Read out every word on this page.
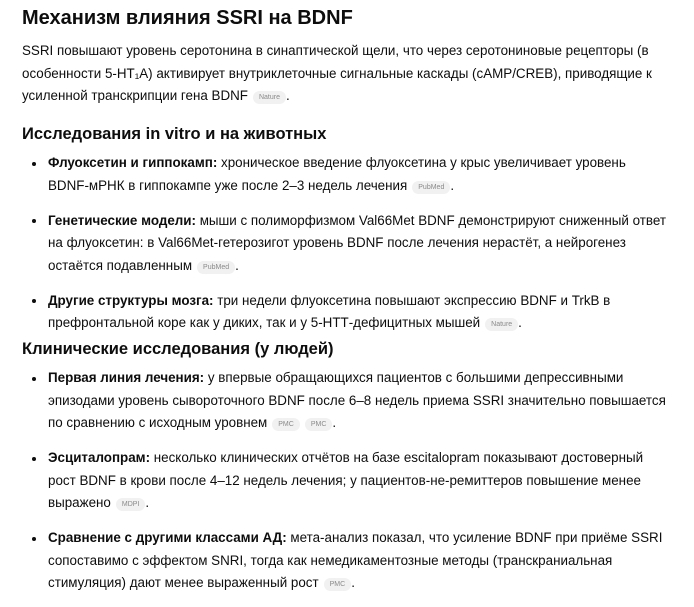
Механизм влияния SSRI на BDNF

SSRI повышают уровень серотонина в синаптической щели, что через серотониновые рецепторы (в особенности 5‑HT₁A) активирует внутриклеточные сигнальные каскады (cAMP/CREB), приводящие к усиленной транскрипции гена BDNF Nature .

Исследования in vitro и на животных
Флуоксетин и гиппокамп: хроническое введение флуоксетина у крыс увеличивает уровень BDNF‑мРНК в гиппокампе уже после 2–3 недель лечения PubMed .
Генетические модели: мыши с полиморфизмом Val66Met BDNF демонстрируют сниженный ответ на флуоксетин: в Val66Met‑гетерозигот уровень BDNF после лечения нерастёт, а нейрогенез остаётся подавленным PubMed .
Другие структуры мозга: три недели флуоксетина повышают экспрессию BDNF и TrkB в префронтальной коре как у диких, так и у 5‑HTT‑дефицитных мышей Nature .
Клинические исследования (у людей)
Первая линия лечения: у впервые обращающихся пациентов с большими депрессивными эпизодами уровень сывороточного BDNF после 6–8 недель приема SSRI значительно повышается по сравнению с исходным уровнем PMC PMC .
Эсциталопрам: несколько клинических отчётов на базе escitalopram показывают достоверный рост BDNF в крови после 4–12 недель лечения; у пациентов‑не‑ремиттеров повышение менее выражено MDPI .
Сравнение с другими классами АД: мета‑анализ показал, что усиление BDNF при приёме SSRI сопоставимо с эффектом SNRI, тогда как немедикаментозные методы (транскраниальная стимуляция) дают менее выраженный рост PMC .
